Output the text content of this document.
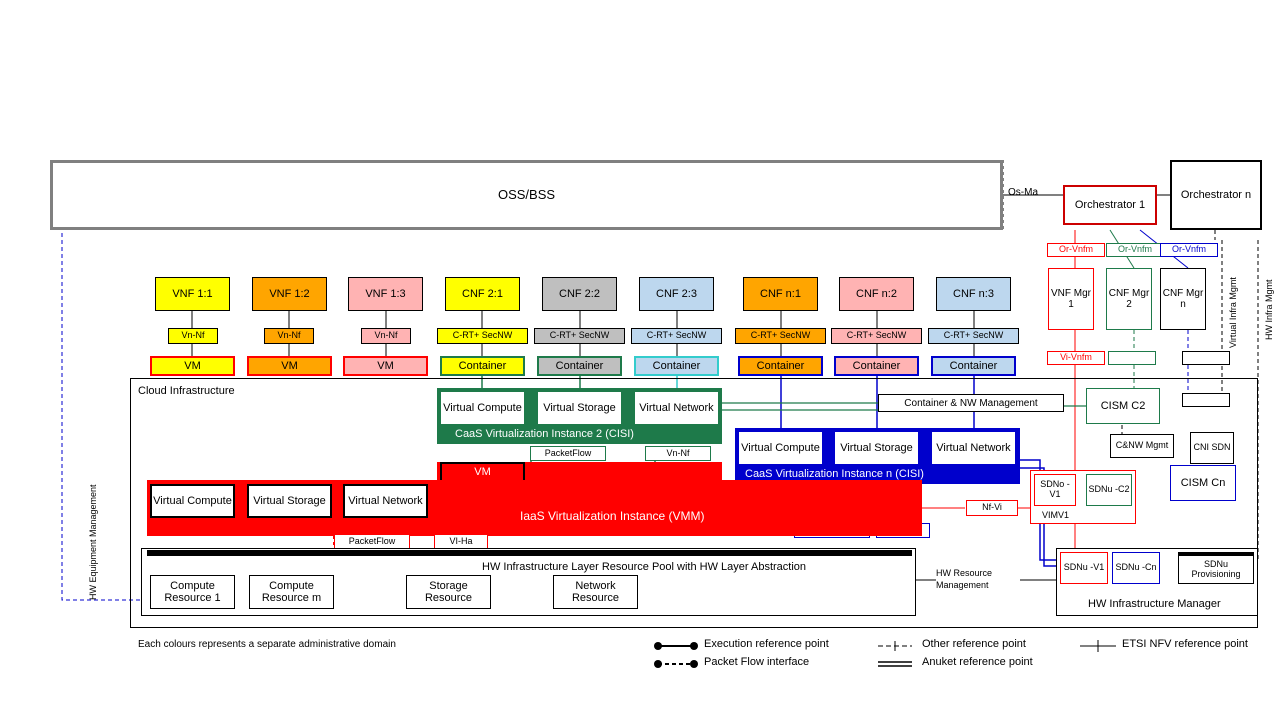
OSS/BSS	Os-Ma
Orchestrator 1
Orchestrator n
Or-Vnfm	Or-Vnfm Or-Vnfm
VNF Mgr 1
CNF Mgr 2
CNF Mgr n
Vi-Vnfm
Virtual Infra Mgmt	HW Infra Mgmt
HW Equipment Management	HW Resource Management
VNF 1:1
Vn-Nf
VM
VNF 1:2
Vn-Nf
VM
VNF 1:3
Vn-Nf
VM
CNF 2:1
C-RT+ SecNW
Container
CNF 2:2
C-RT+ SecNW
Container
CNF 2:3
C-RT+ SecNW
Container
CNF n:1
C-RT+ SecNW
Container
CNF n:2
C-RT+ SecNW
Container
CNF n:3
C-RT+ SecNW
Container
Cloud Infrastructure
Virtual Compute Virtual Storage Virtual Network
CaaS Virtualization Instance 2 (CISI)
VM
PacketFlow	Vn-Nf	Virtual Compute Virtual Storage Virtual Network
CaaS Virtualization Instance n (CISI)
Virtual Compute Virtual Storage Virtual Network
IaaS Virtualization Instance (VMM)
PacketFlow	VI-Ha
HW Infrastructure Layer Resource Pool with HW Layer Abstraction
Compute Resource 1
Compute Resource m
Storage Resource
Network Resource
Container & NW Management	CISM C2
CISM Cn
C&NW Mgmt	CNI SDN
SDNo -V1	SDNu -C2
VIMV1
Nf-Vi
SDNu -V1 SDNu -Cn	SDNu Provisioning
HW Infrastructure Manager
Each colours represents a separate administrative domain	Execution reference point
Packet Flow interface
Other reference point
Anuket reference point
ETSI NFV reference point
